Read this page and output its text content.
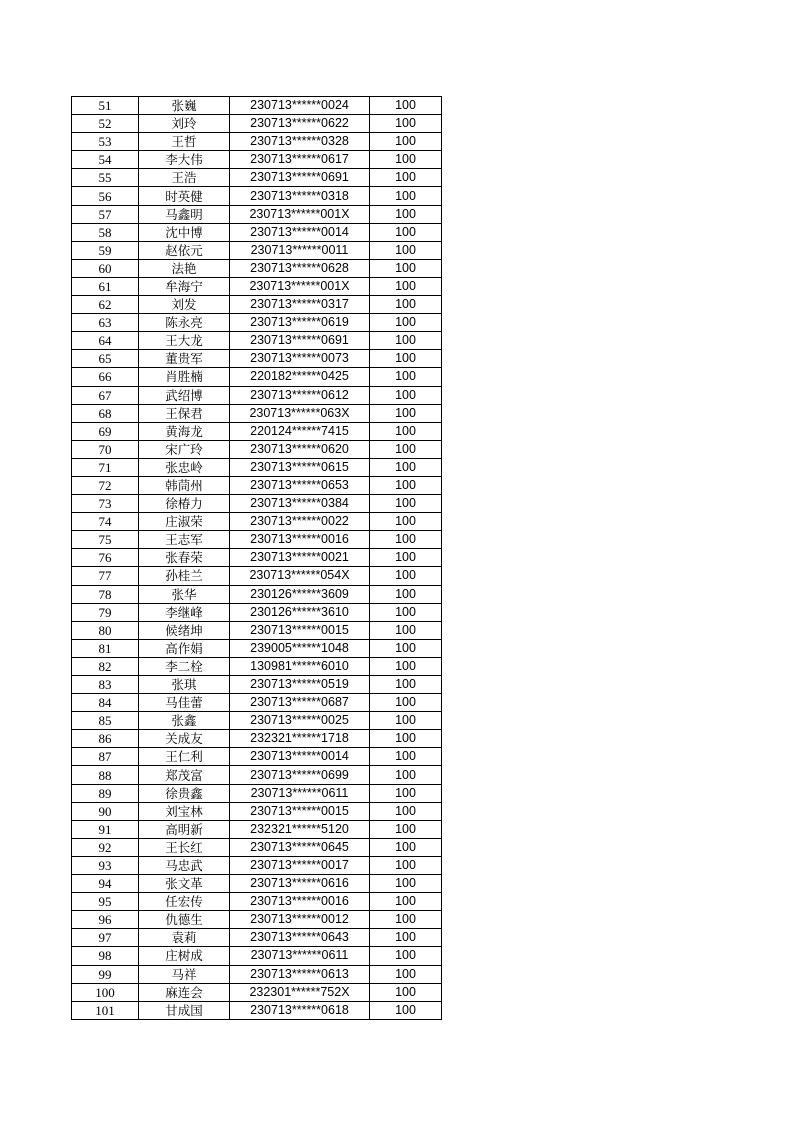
51	张巍	230713******0024	100
52	刘玲	230713******0622	100
53	王哲	230713******0328	100
54	李大伟	230713******0617	100
55	王浩	230713******0691	100
56	时英健	230713******0318	100
57	马鑫明	230713******001X	100
58	沈中博	230713******0014	100
59	赵依元	230713******0011	100
60	法艳	230713******0628	100
61	牟海宁	230713******001X	100
62	刘发	230713******0317	100
63	陈永亮	230713******0619	100
64	王大龙	230713******0691	100
65	董贵军	230713******0073	100
66	肖胜楠	220182******0425	100
67	武绍博	230713******0612	100
68	王保君	230713******063X	100
69	黄海龙	220124******7415	100
70	宋广玲	230713******0620	100
71	张忠岭	230713******0615	100
72	韩茼州	230713******0653	100
73	徐椿力	230713******0384	100
74	庄淑荣	230713******0022	100
75	王志军	230713******0016	100
76	张春荣	230713******0021	100
77	孙桂兰	230713******054X	100
78	张华	230126******3609	100
79	李继峰	230126******3610	100
80	候绪坤	230713******0015	100
81	高作娟	239005******1048	100
82	李二栓	130981******6010	100
83	张琪	230713******0519	100
84	马佳蕾	230713******0687	100
85	张鑫	230713******0025	100
86	关成友	232321******1718	100
87	王仁利	230713******0014	100
88	郑茂富	230713******0699	100
89	徐贵鑫	230713******0611	100
90	刘宝林	230713******0015	100
91	高明新	232321******5120	100
92	王长红	230713******0645	100
93	马忠武	230713******0017	100
94	张文革	230713******0616	100
95	任宏传	230713******0016	100
96	仇德生	230713******0012	100
97	袁莉	230713******0643	100
98	庄树成	230713******0611	100
99	马祥	230713******0613	100
100	麻连会	232301******752X	100
101	甘成国	230713******0618	100
